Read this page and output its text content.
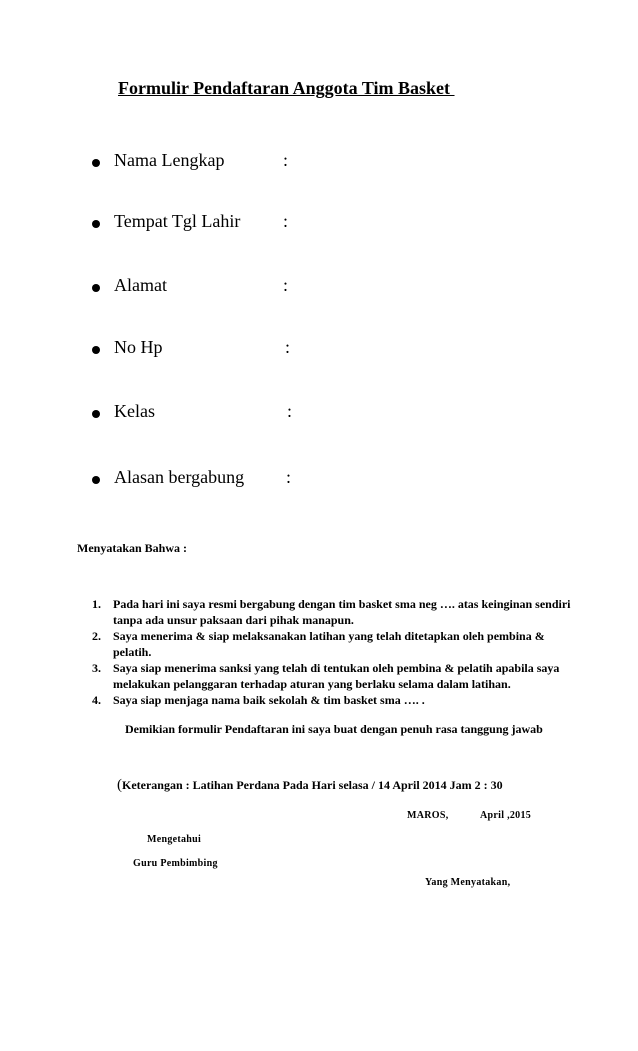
Formulir Pendaftaran Anggota Tim Basket
Nama Lengkap	:
Tempat Tgl Lahir :
Alamat	:
No Hp	:
Kelas	:
Alasan bergabung :
Menyatakan Bahwa :
1. Pada hari ini saya resmi bergabung dengan tim basket sma neg …. atas keinginan sendiri tanpa ada unsur paksaan dari pihak manapun.
2. Saya menerima & siap melaksanakan latihan yang telah ditetapkan oleh pembina & pelatih.
3. Saya siap menerima sanksi yang telah di tentukan oleh pembina & pelatih apabila saya melakukan pelanggaran terhadap aturan yang berlaku selama dalam latihan.
4. Saya siap menjaga nama baik sekolah & tim basket sma …. .
Demikian formulir Pendaftaran ini saya buat dengan penuh rasa tanggung jawab
(Keterangan : Latihan Perdana Pada Hari selasa / 14 April 2014 Jam 2 : 30
MAROS,	April ,2015
Mengetahui
Guru Pembimbing
Yang Menyatakan,
